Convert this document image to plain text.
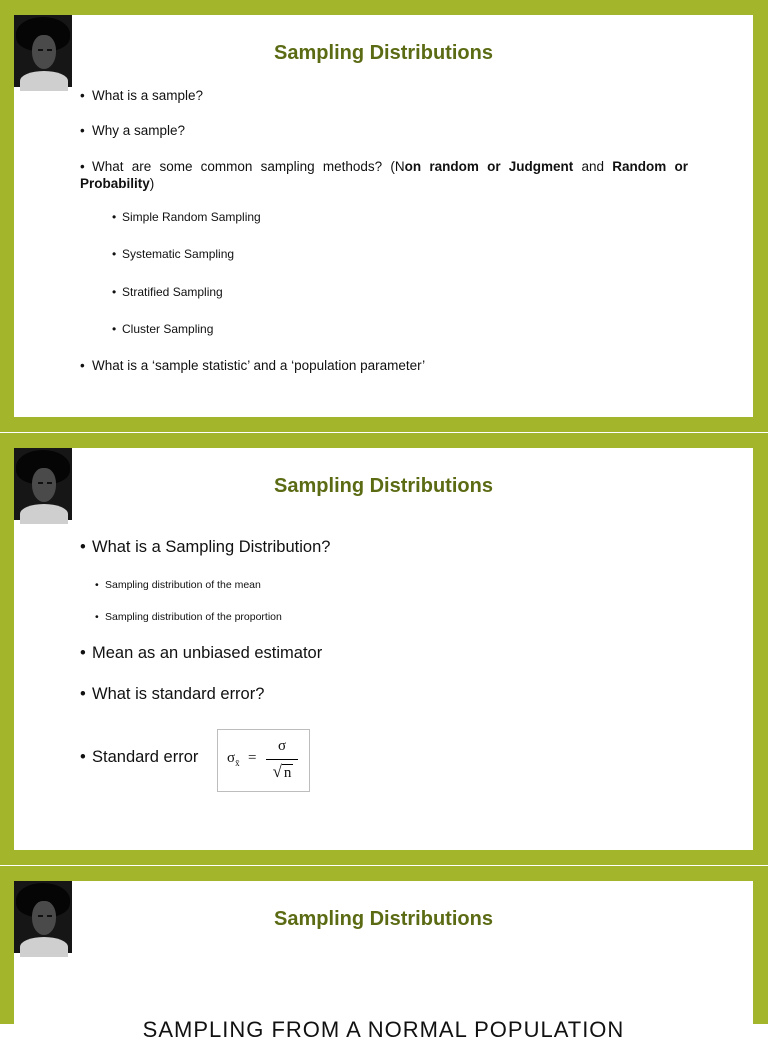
Sampling Distributions
• What is a sample?
• Why a sample?
• What are some common sampling methods? (Non random or Judgment and Random or Probability)
• Simple Random Sampling
• Systematic Sampling
• Stratified Sampling
• Cluster Sampling
• What is a ‘sample statistic’ and a ‘population parameter’
Sampling Distributions
• What is a Sampling Distribution?
• Sampling distribution of the mean
• Sampling distribution of the proportion
• Mean as an unbiased estimator
• What is standard error?
• Standard error $\sigma_{x̄}$ =
σ
√ n
Sampling Distributions
SAMPLING FROM A NORMAL POPULATION
